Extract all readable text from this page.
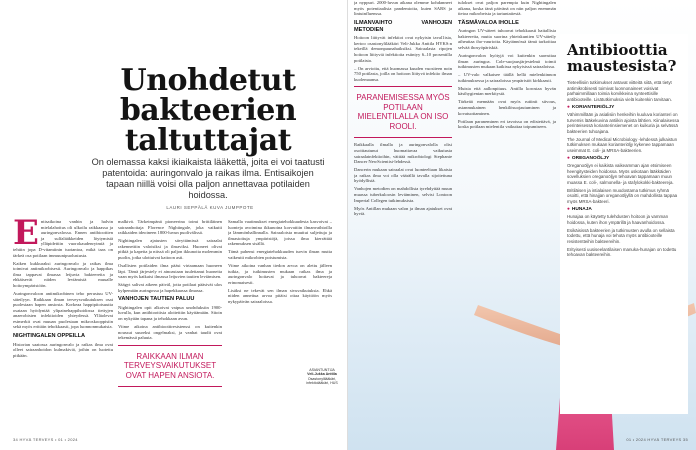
Unohdetut bakteerien taltuttajat

On olemassa kaksi ikiaikaista lääkettä, joita ei voi taatusti patentoida: auringonvalo ja raikas ilma. Entisaikojen tapaan niillä voisi olla paljon annettavaa potilaiden hoidossa.

LAURI SEPPÄLÄ KUVA JUMPPOTE
E ntisaikoina vanhin ja halvin mielalahoitus oli ulkoilu raikkaassa ja auringonvalossa. Ennen antibioottien ja sulfalääkkeiden löytymistä ylläpidettiin vuorokaudenrytmiä ja tehtiin jopa D-vitamiinin tuotantoa, mikä taas on tärkeä osa potilaan immuunipuolustusta.

Kaiken kukkuraksi auringonvalo ja raikas ilma toimivat antimikrobisesti. Auringonvalo ja happikas ilma tappavat ilmassa leijuvia bakteereita ja ehkäisevät niiden leviämistä muualle hoitoympäristöön.

Auringonvaloon antimikrobinen teho perustuu UV-säteilyyn. Raikkaan ilman terveysvaikutuksen osat puolestaan hapen ansiosta. Korkeaa happipitoisuutta osataan hyödyntää ylipainehappihoidossa tiettyjen anaerobisten infektioiden yhteydessä. Ylläolevat esimerkit ovat muuan puolestaan mikroskooppisiin sekä myös erittäin tehokkaasti, jopa luonnonmukaisia.

NIGHTINGALEN OPPEILLA

Historian saatossa auringonvalo ja raikas ilma ovat olleet sairaanhoidon kulmakiviä, joihin on luotettu pitkään.

malkivä. Tärkeimpänä pioneerina toimi brittiläinen sairaanhoitaja Florence Nightingale, joka vaikutti raikkaiden ideoineen 1800-luvun puolivälissä.

Nightingalen ajatusten sävyttämissä sairaalat rakennettiin valoisiksi ja ilmaviksi. Huoneet olivat pitkiä ja kapeita ja niissä oli paljon ikkunoita molemmin puolin, jotka ulottuivat kattoon asti.

Osallisten potilaiden ilma pääsi virtaamaan huoneen läpi. Tämä järjestely ei ainoastaan tuulettanut huoneita vaan myös katkaisi ilmassa leijuvien tautien leviämisen.

Säägyt salivat aikeen päiväl, jotta potilaat pääsivät ulos kylpemään auringossa ja hapekkaassa ilmassa.

VANHOJEN TAUTIEN PALUU

Nightingalen opit alkoivat vaipua unohduksiin 1900-luvulla, kun antibioottisia aloitettiin käyttämään. Sitoin on nykyään tapana ja tehokkaan avun.

Viime aikoina antibioottiresistenssi on kuitenkin noussut suureksi ongelmaksi, ja vanhat taudit ovat tekemässä paluuta.

RAIKKAAN ILMAN TERVEYSVAIKUTUKSET OVAT HAPEN ANSIOTA.

Samalla vaatimukset energiatehokkuudesta kasvoivat – luonteja avoimina ikkunoina korvattiin ilmanvaihtoilla ja lämmönhallinnalla. Sairaaloista muuttui suljettuja ja ilmastoituja ympäristöjä, joissa ilma kierrättää rakennuksen sisällä.

Tämä pahensi energiatehokkuuden turvin ilman mutta vaikeutti mikrobien poistumista.

Viime aikoina vanhan tiedon arvoa on alettu jälleen tutkia, ja tutkimusten mukaan raikas ilma ja auringonvalo hoitavat ja tuhoavat bakteereja erinomaisesti.

Lisäksi ne tekevät sen ilman sivuvaikutuksia. Ehkä niiden annettua arvoa pitäisi ottaa käyttöön myös nykypäivän sairaaloissa.

34 HYVÄ TERVEYS • 01 • 2024

ja nyppuri. 2000-luvun aikana olemme kohdanneet myös potentiaalisia pandemioita, kuten SARS ja lintuinfluenssa.

ILMANVAIHTO VANHOJEN METODIEN

Hoitoon liittyvät infektiot ovat nykyisin taval1isia, kertoo osastonylilääkäri Veli-Jukka Anttila HYKS:n tekeillä demonpaunahaiksiksi. Sairaalasta ripojen hoitoon liittyviä infektioita esiintyy 6–10 prosentilla potilaista.

– On arvioitu, että huomassa kuuden vuositeen noin 750 potilasta, joilla on hoitoon liittyvä infektio ilman kuolemaansa.

PARANEMISESSA MYÖS POTILAAN MIELENTILALLA ON ISO ROOLI.

Raikkaalla ilmalla ja auringonvalolla olisi osoittautunut huomattavaa vaikutusta sairaalainfektioihin, väittää mikrobiologi Stephanie Dancer NewScientist-lehdessä.

Dancerin mukaan sairaalat ovat luonteeltaan likaisia ja raikas ilma voi olla väärällä tavalla sijoitettuna hyödyllistä.

Vanhojen metodien on mahdollista tyrehdyttää muun muassa tuberkuloosin leviäminen, selvisi Lontoon Imperial Collegen tutkimuksista.

Myös Antillan mukaan valon ja ilman ajatukset ovat hyviä.

tulokset ovat paljon parempia kuin Nightingalen aikana, koska tänä päivänä on niin paljon enemmän tietoa mikrobeista ja tartuntatiestä.

TÄSMÄVALOA IHOLLE

Auringon UV-säteet tuhoavat tehokkaasti haitallisia bakteereita, mutta suorina yhteiskuntien UV-säteily aiheuttaa iho-vaurioita. Käytännössä tämä tarkoittaa selvää ihosyöpäriskiä.

Auringonvalon hyötyjä voi kuitenkin saavuttaa ilman auringoa. Cole-suojausjärjestelmä toimii tutkimusten mukaan kaikissa nykyisissä sairaaloissa.

– UV-valo valkaisee täällä hellä mielenkiinnon tutkimuksessa ja sairaaloissa ympäristöt kirkkaasti.

Muista että aallonpituus. Antilla korostaa hyvän käsihygienian merkitystä.

Tärkeää mennään ovat myös rutiinit siivous, asianmukainen henkilösuojautuminen ja kovatuottaminen.

Potilaan paraneminen eri tavoissa on edistettävä, ja koska potilaan mielentila vaikuttaa toipumiseen.

Antibioottia maustesista?

Tieteellisiin tutkimukset antavat viitteitä siitä, että tietyt antimikrobisesti toimivat luonnonaineet voisivat parhaimmillaan toimia korvikkeina synteettisille antibiooteille. Lisätutkimuksia vielä kuitenkin tarvitaan.

● KORIANTERIÖLJY

Vähimmillään ja asialisiin henkeihin kuuluva korianteri on turvemis lääkekuvina antiikin ajoista lähtien. Kiinalaisessa perinteisessä korianterinsiemenet on kuikuria ja selvässä bakteerien tuhoajana.

The Journal of Medical Microbiology -lehdessä julkaistun tutkimuksen mukaan korianteriöljy kykenee tappamaan useimmat E. coli- ja MRSA-bakteerien.

● OREGANOÖLJY

Oreganoöljyn ei kaikista vaikeamman ajan etsimiseen heengitysteiden hoidossa. Myös uskotaan lääkkäiden sovelluksien oreganoöljyn tehoavan tappamaan muun muassa E. coli-, salmonella- ja stafylokokki-bakteereja.

Britiläisen ja intialaisen muodostama tutkimus ryhmä osoitti, että hinajjan oreganoöljyllä on mahdollista tappaa myös MRSA-bakteeri.

● HUNAJA

Hunajaa on käytetty tulehdusten hoitoon ja vamman hoidossa, kuten ihon ympärillä ja haavanhoidossa.

Esikäisissä bakteerien ja tutkimusten avulla on sellaista todettu, että hunaja voi tehota myös antibiooteille resistentteihin bakteereihin.

Erityisesti uusiseelantilaisen manuka-hunajan on todettu tehoavan bakteereihin.

01 • 2024 HYVÄ TERVEYS 35
ASIANTUNTIJA
Veli-Jukka Anttila
Osastonylilääkäri, infektiolääkäri, HUS
